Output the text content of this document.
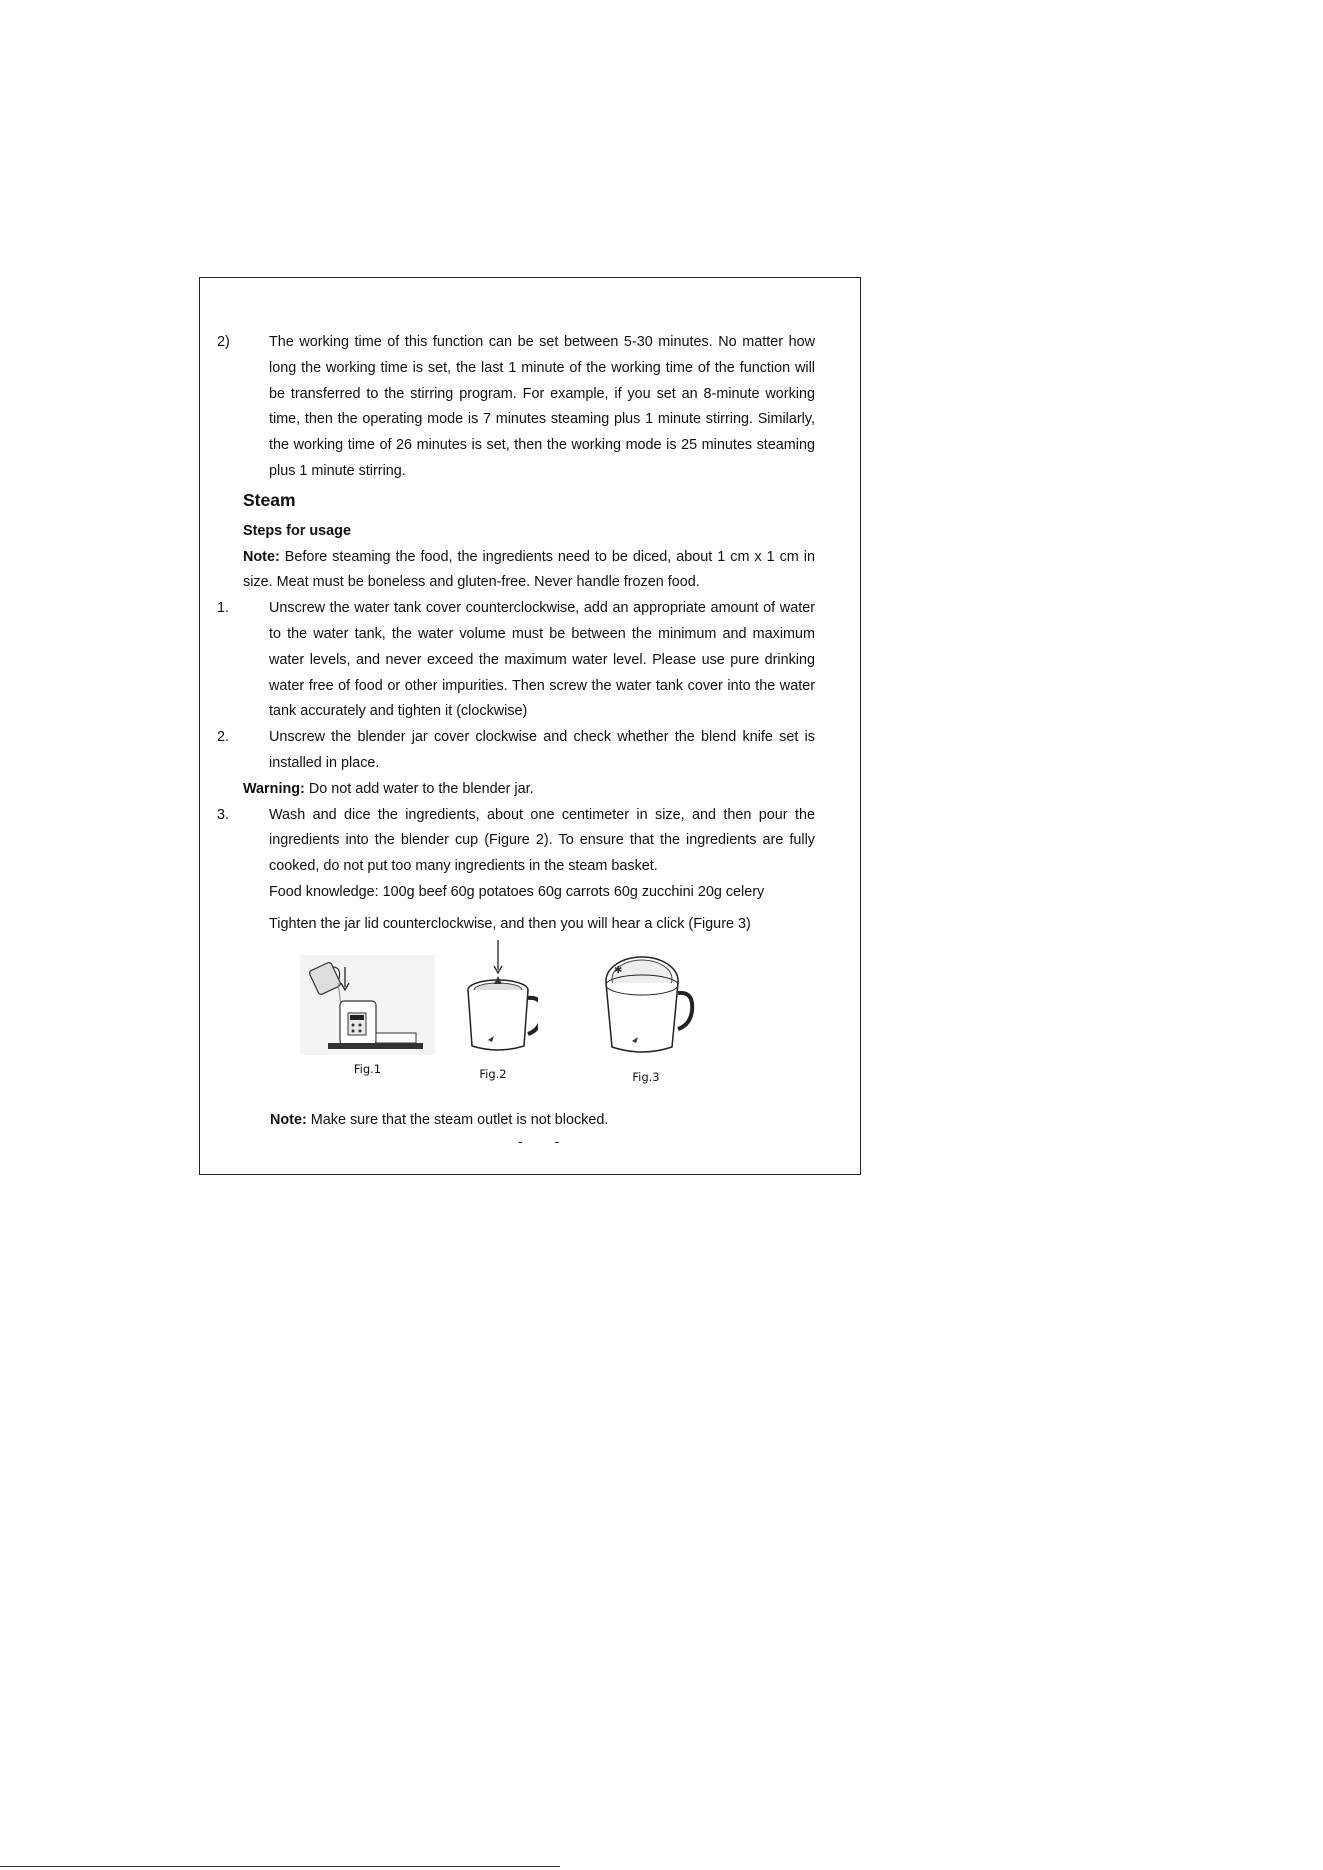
2)	The working time of this function can be set between 5-30 minutes. No matter how long the working time is set, the last 1 minute of the working time of the function will be transferred to the stirring program. For example, if you set an 8-minute working time, then the operating mode is 7 minutes steaming plus 1 minute stirring. Similarly, the working time of 26 minutes is set, then the working mode is 25 minutes steaming plus 1 minute stirring.

Steam

Steps for usage

Note: Before steaming the food, the ingredients need to be diced, about 1 cm x 1 cm in size. Meat must be boneless and gluten-free. Never handle frozen food.

1.	Unscrew the water tank cover counterclockwise, add an appropriate amount of water to the water tank, the water volume must be between the minimum and maximum water levels, and never exceed the maximum water level. Please use pure drinking water free of food or other impurities. Then screw the water tank cover into the water tank accurately and tighten it (clockwise)

2.	Unscrew the blender jar cover clockwise and check whether the blend knife set is installed in place.

Warning: Do not add water to the blender jar.

3.	Wash and dice the ingredients, about one centimeter in size, and then pour the ingredients into the blender cup (Figure 2). To ensure that the ingredients are fully cooked, do not put too many ingredients in the steam basket.

Food knowledge: 100g beef 60g potatoes 60g carrots 60g zucchini 20g celery

Tighten the jar lid counterclockwise, and then you will hear a click (Figure 3)

Fig.1	Fig.2
✱
Fig.3
Note: Make sure that the steam outlet is not blocked.
- -
